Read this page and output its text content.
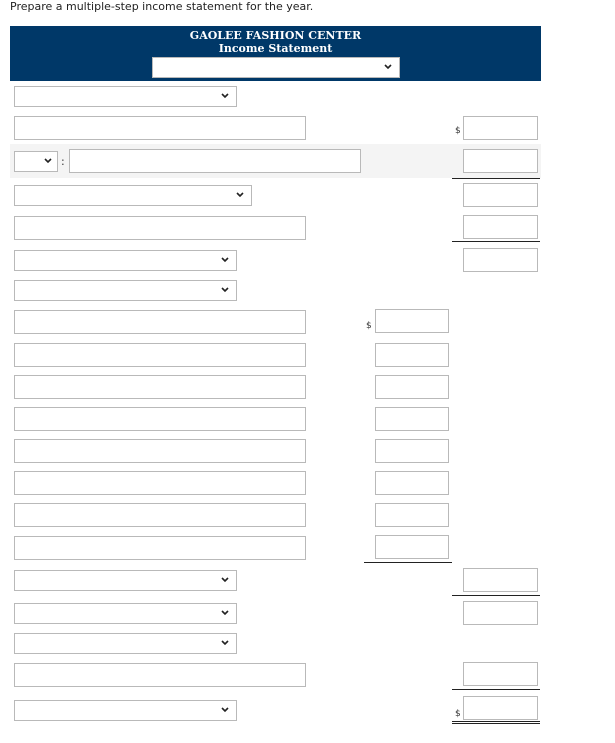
Prepare a multiple-step income statement for the year.
GAOLEE FASHION CENTER
Income Statement
$
:
$
$
